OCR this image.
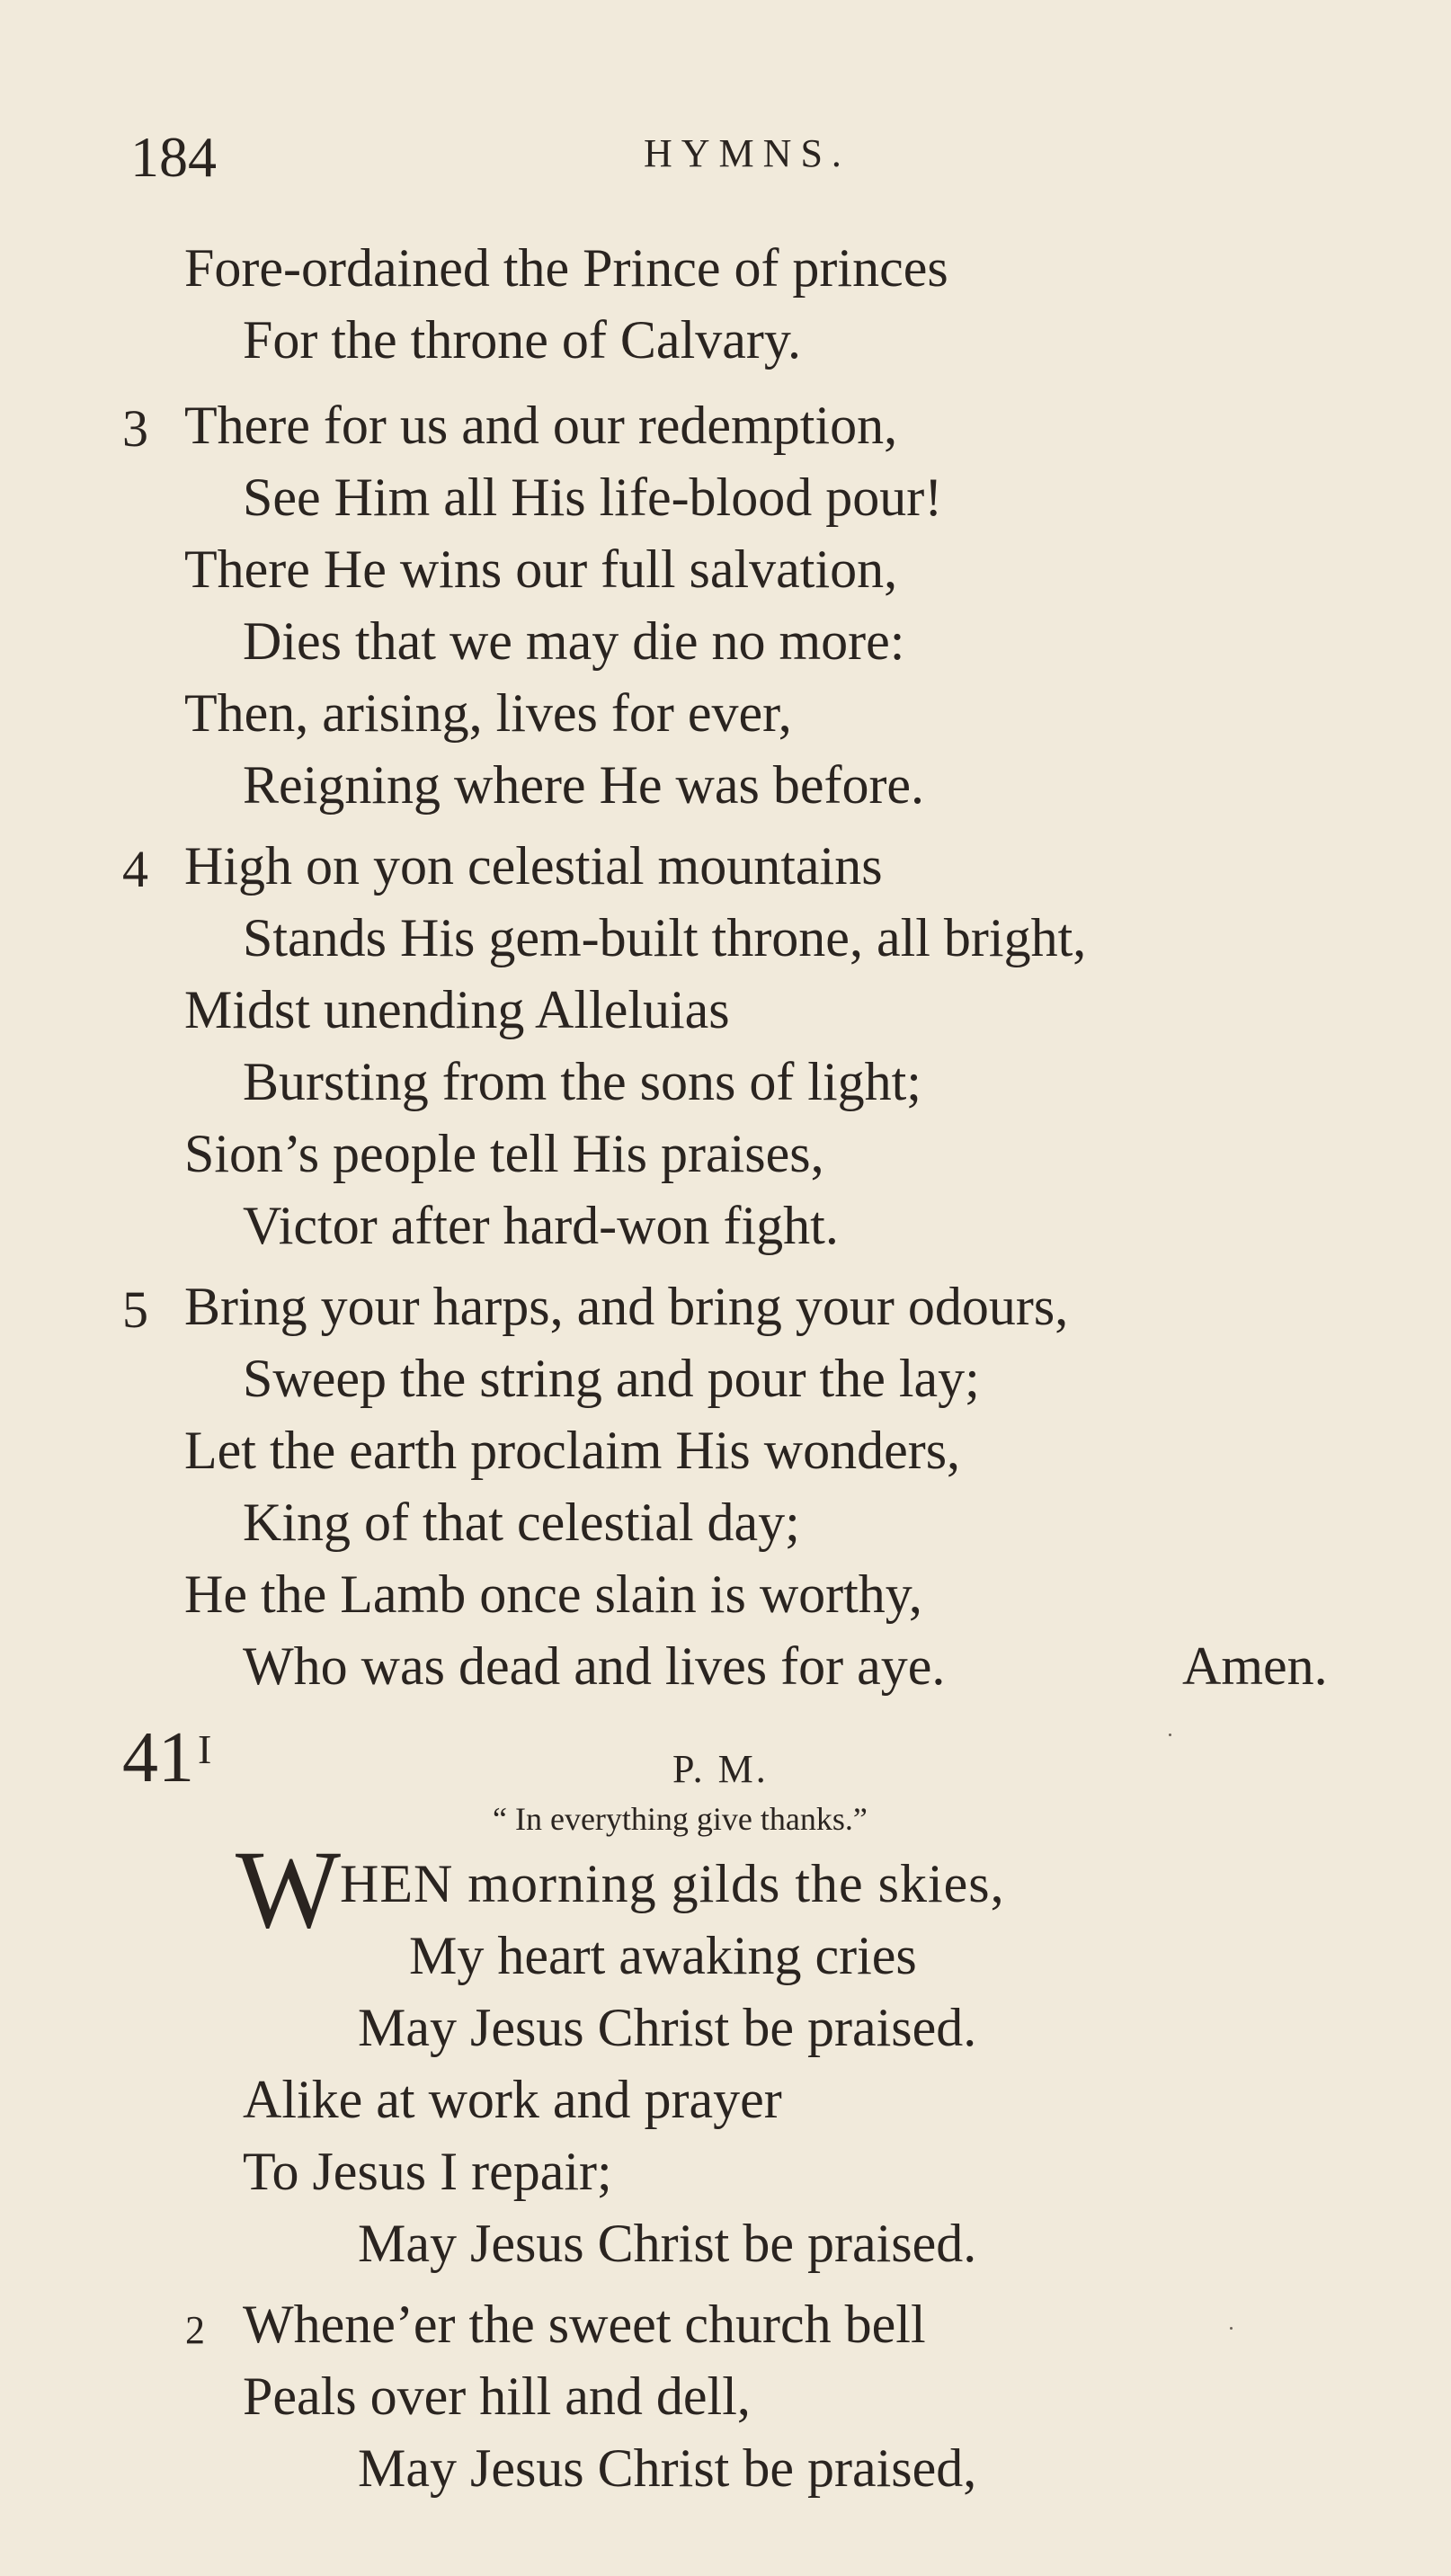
184	HYMNS.
Fore-ordained the Prince of princes
For the throne of Calvary.
3 There for us and our redemption,
See Him all His life-blood pour!
There He wins our full salvation,
Dies that we may die no more:
Then, arising, lives for ever,
Reigning where He was before.
4 High on yon celestial mountains
Stands His gem-built throne, all bright,
Midst unending Alleluias
Bursting from the sons of light;
Sion’s people tell His praises,
Victor after hard-won fight.
5 Bring your harps, and bring your odours,
Sweep the string and pour the lay;
Let the earth proclaim His wonders,
King of that celestial day;
He the Lamb once slain is worthy,
Who was dead and lives for aye.	Amen.
$41^I$	P. M.
“ In everything give thanks.”
W
HEN morning gilds the skies,
My heart awaking cries
May Jesus Christ be praised.
Alike at work and prayer
To Jesus I repair;
May Jesus Christ be praised.
2 Whene’er the sweet church bell
Peals over hill and dell,
May Jesus Christ be praised,
